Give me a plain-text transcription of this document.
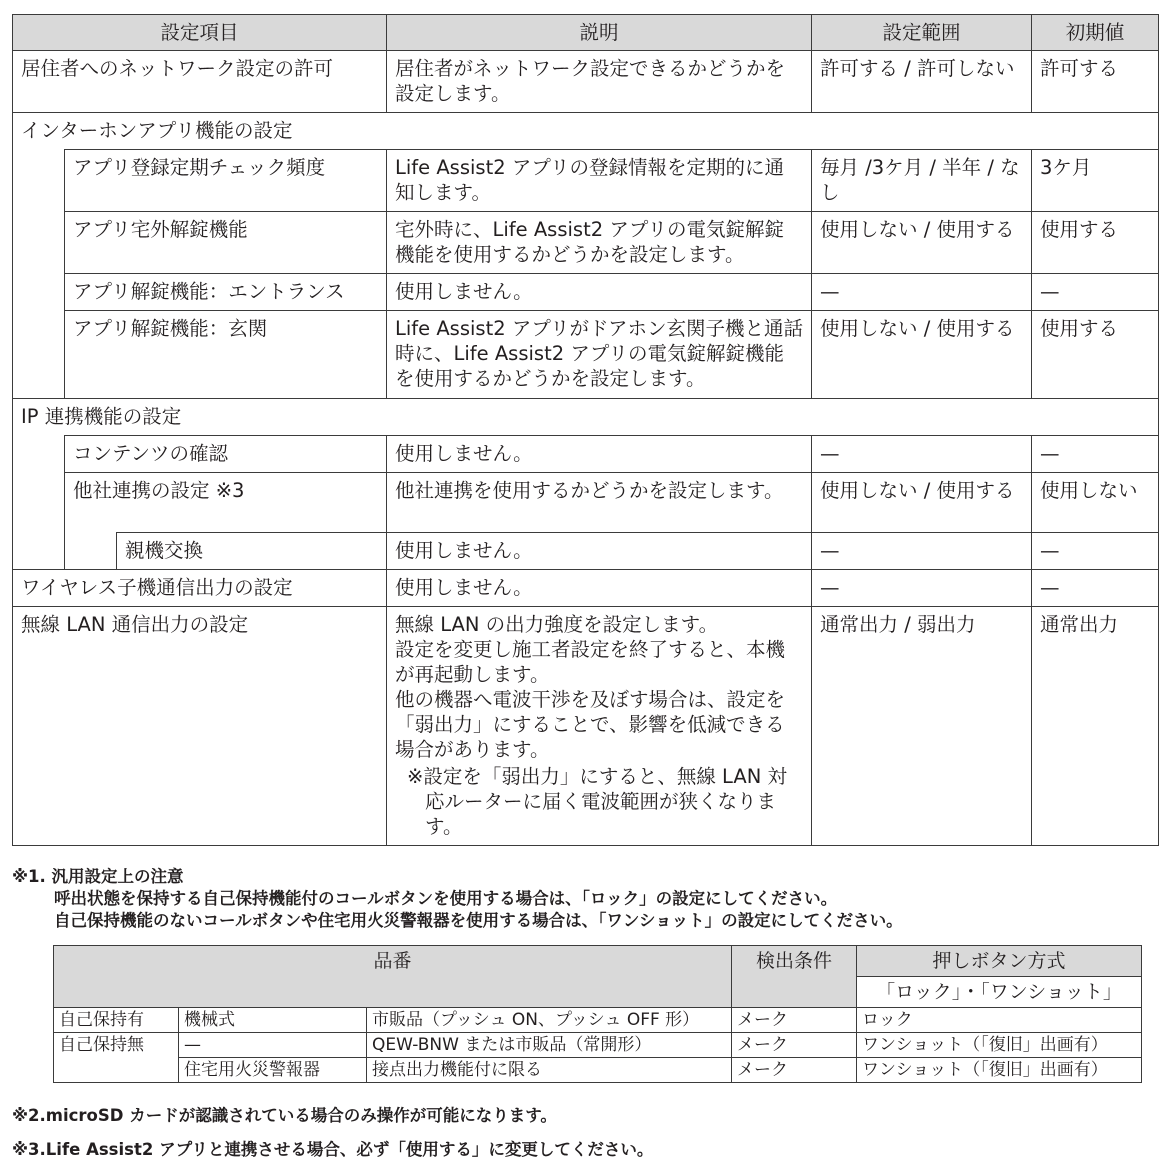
設定項目			説明	設定範囲	初期値
居住者へのネットワーク設定の許可			居住者がネットワーク設定できるかどうかを設定します。	許可する / 許可しない	許可する
インターホンアプリ機能の設定					
	アプリ登録定期チェック頻度		Life Assist2 アプリの登録情報を定期的に通知します。	毎月 /3ケ月 / 半年 / なし	3ケ月
	アプリ宅外解錠機能		宅外時に、Life Assist2 アプリの電気錠解錠機能を使用するかどうかを設定します。	使用しない / 使用する	使用する
	アプリ解錠機能：エントランス		使用しません。	—	—
	アプリ解錠機能：玄関		Life Assist2 アプリがドアホン玄関子機と通話時に、Life Assist2 アプリの電気錠解錠機能を使用するかどうかを設定します。	使用しない / 使用する	使用する
IP 連携機能の設定					
	コンテンツの確認		使用しません。	—	—
	他社連携の設定 ※3		他社連携を使用するかどうかを設定します。	使用しない / 使用する	使用しない
		親機交換	使用しません。	—	—
ワイヤレス子機通信出力の設定			使用しません。	—	—
無線 LAN 通信出力の設定			無線 LAN の出力強度を設定します。
設定を変更し施工者設定を終了すると、本機が再起動します。
他の機器へ電波干渉を及ぼす場合は、設定を「弱出力」にすることで、影響を低減できる場合があります。
※設定を「弱出力」にすると、無線 LAN 対応ルーターに届く電波範囲が狭くなります。	通常出力 / 弱出力	通常出力
※1. 汎用設定上の注意
呼出状態を保持する自己保持機能付のコールボタンを使用する場合は、「ロック」の設定にしてください。
自己保持機能のないコールボタンや住宅用火災警報器を使用する場合は、「ワンショット」の設定にしてください。
品番			検出条件	押しボタン方式
				「ロック」・「ワンショット」
自己保持有	機械式	市販品（プッシュ ON、プッシュ OFF 形）	メーク	ロック
自己保持無	—	QEW-BNW または市販品（常開形）	メーク	ワンショット（「復旧」出画有）
	住宅用火災警報器	接点出力機能付に限る	メーク	ワンショット（「復旧」出画有）
※2.microSD カードが認識されている場合のみ操作が可能になります。
※3.Life Assist2 アプリと連携させる場合、必ず「使用する」に変更してください。
